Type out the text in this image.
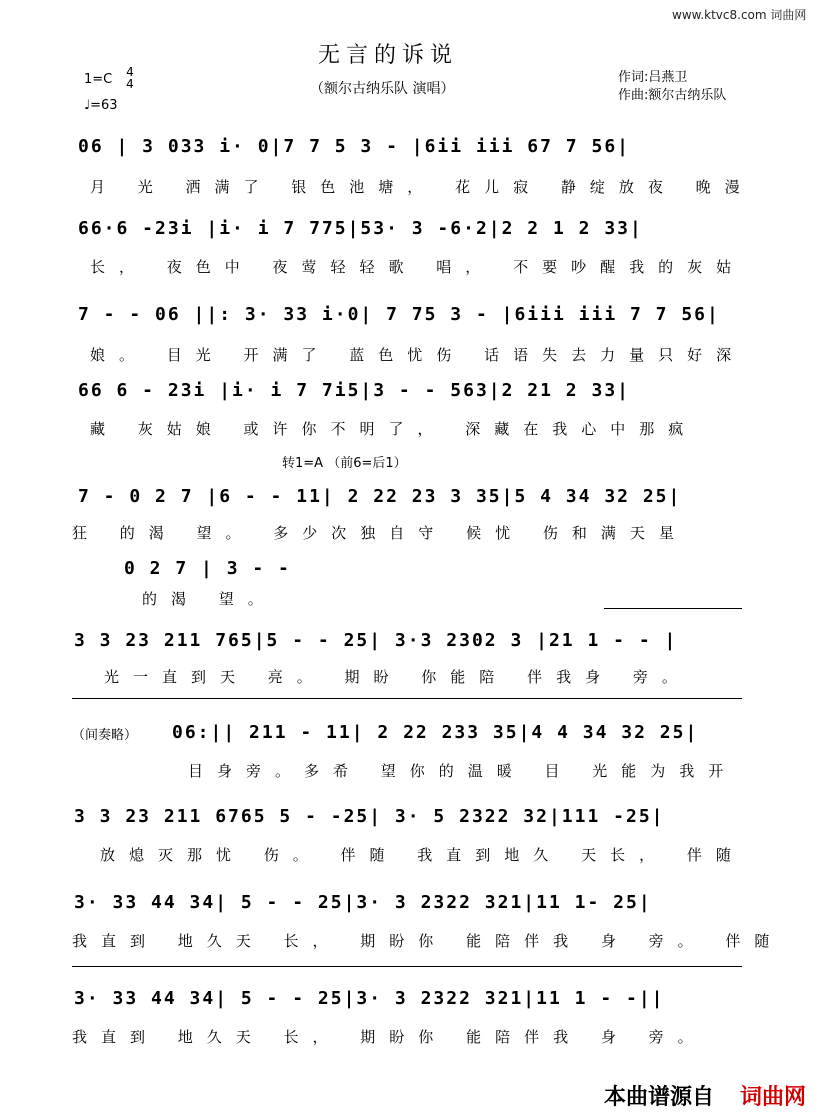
www.ktvc8.com 词曲网
无言的诉说
（额尔古纳乐队 演唱）
作词:吕燕卫
作曲:额尔古纳乐队
1=C 4
4
♩=63
06 | 3 033 i· 0|7 7 5 3 - |6ii iii 67 7 56|
月 光 洒满了 银色池塘， 花儿寂 静绽放夜 晚漫
66·6 -23i |i· i 7 775|53· 3 -6·2|2 2 1 2 33|
长， 夜色中 夜莺轻轻歌 唱， 不要吵醒我的灰姑
7 - - 06 ||: 3· 33 i·0| 7 75 3 - |6iii iii 7 7 56|
娘。 目光 开满了 蓝色忧伤 话语失去力量只好深
66 6 - 23i |i· i 7 7i5|3 - - 563|2 21 2 33|
藏 灰姑娘 或许你不明了， 深藏在我心中那疯
转1=A （前6=后1）
7 - 0 2 7 |6 - - 11| 2 22 23 3 35|5 4 34 32 25|
狂 的渴 望。 多少次独自守 候忧 伤和满天星
0 2 7 | 3 - -
的渴 望。
3 3 23 211 765|5 - - 25| 3·3 2302 3 |21 1 - - |
光一直到天 亮。 期盼 你能陪 伴我身 旁。
（间奏略） 06:|| 211 - 11| 2 22 233 35|4 4 34 32 25|
目身旁。多希 望你的温暖 目 光能为我开
3 3 23 211 6765 5 - -25| 3· 5 2322 32|111 -25|
放熄灭那忧 伤。 伴随 我直到地久 天长， 伴随
3· 33 44 34| 5 - - 25|3· 3 2322 321|11 1- 25|
我直到 地久天 长， 期盼你 能陪伴我 身 旁。 伴随
3· 33 44 34| 5 - - 25|3· 3 2322 321|11 1 - -||
我直到 地久天 长， 期盼你 能陪伴我 身 旁。
本曲谱源自 词曲网
